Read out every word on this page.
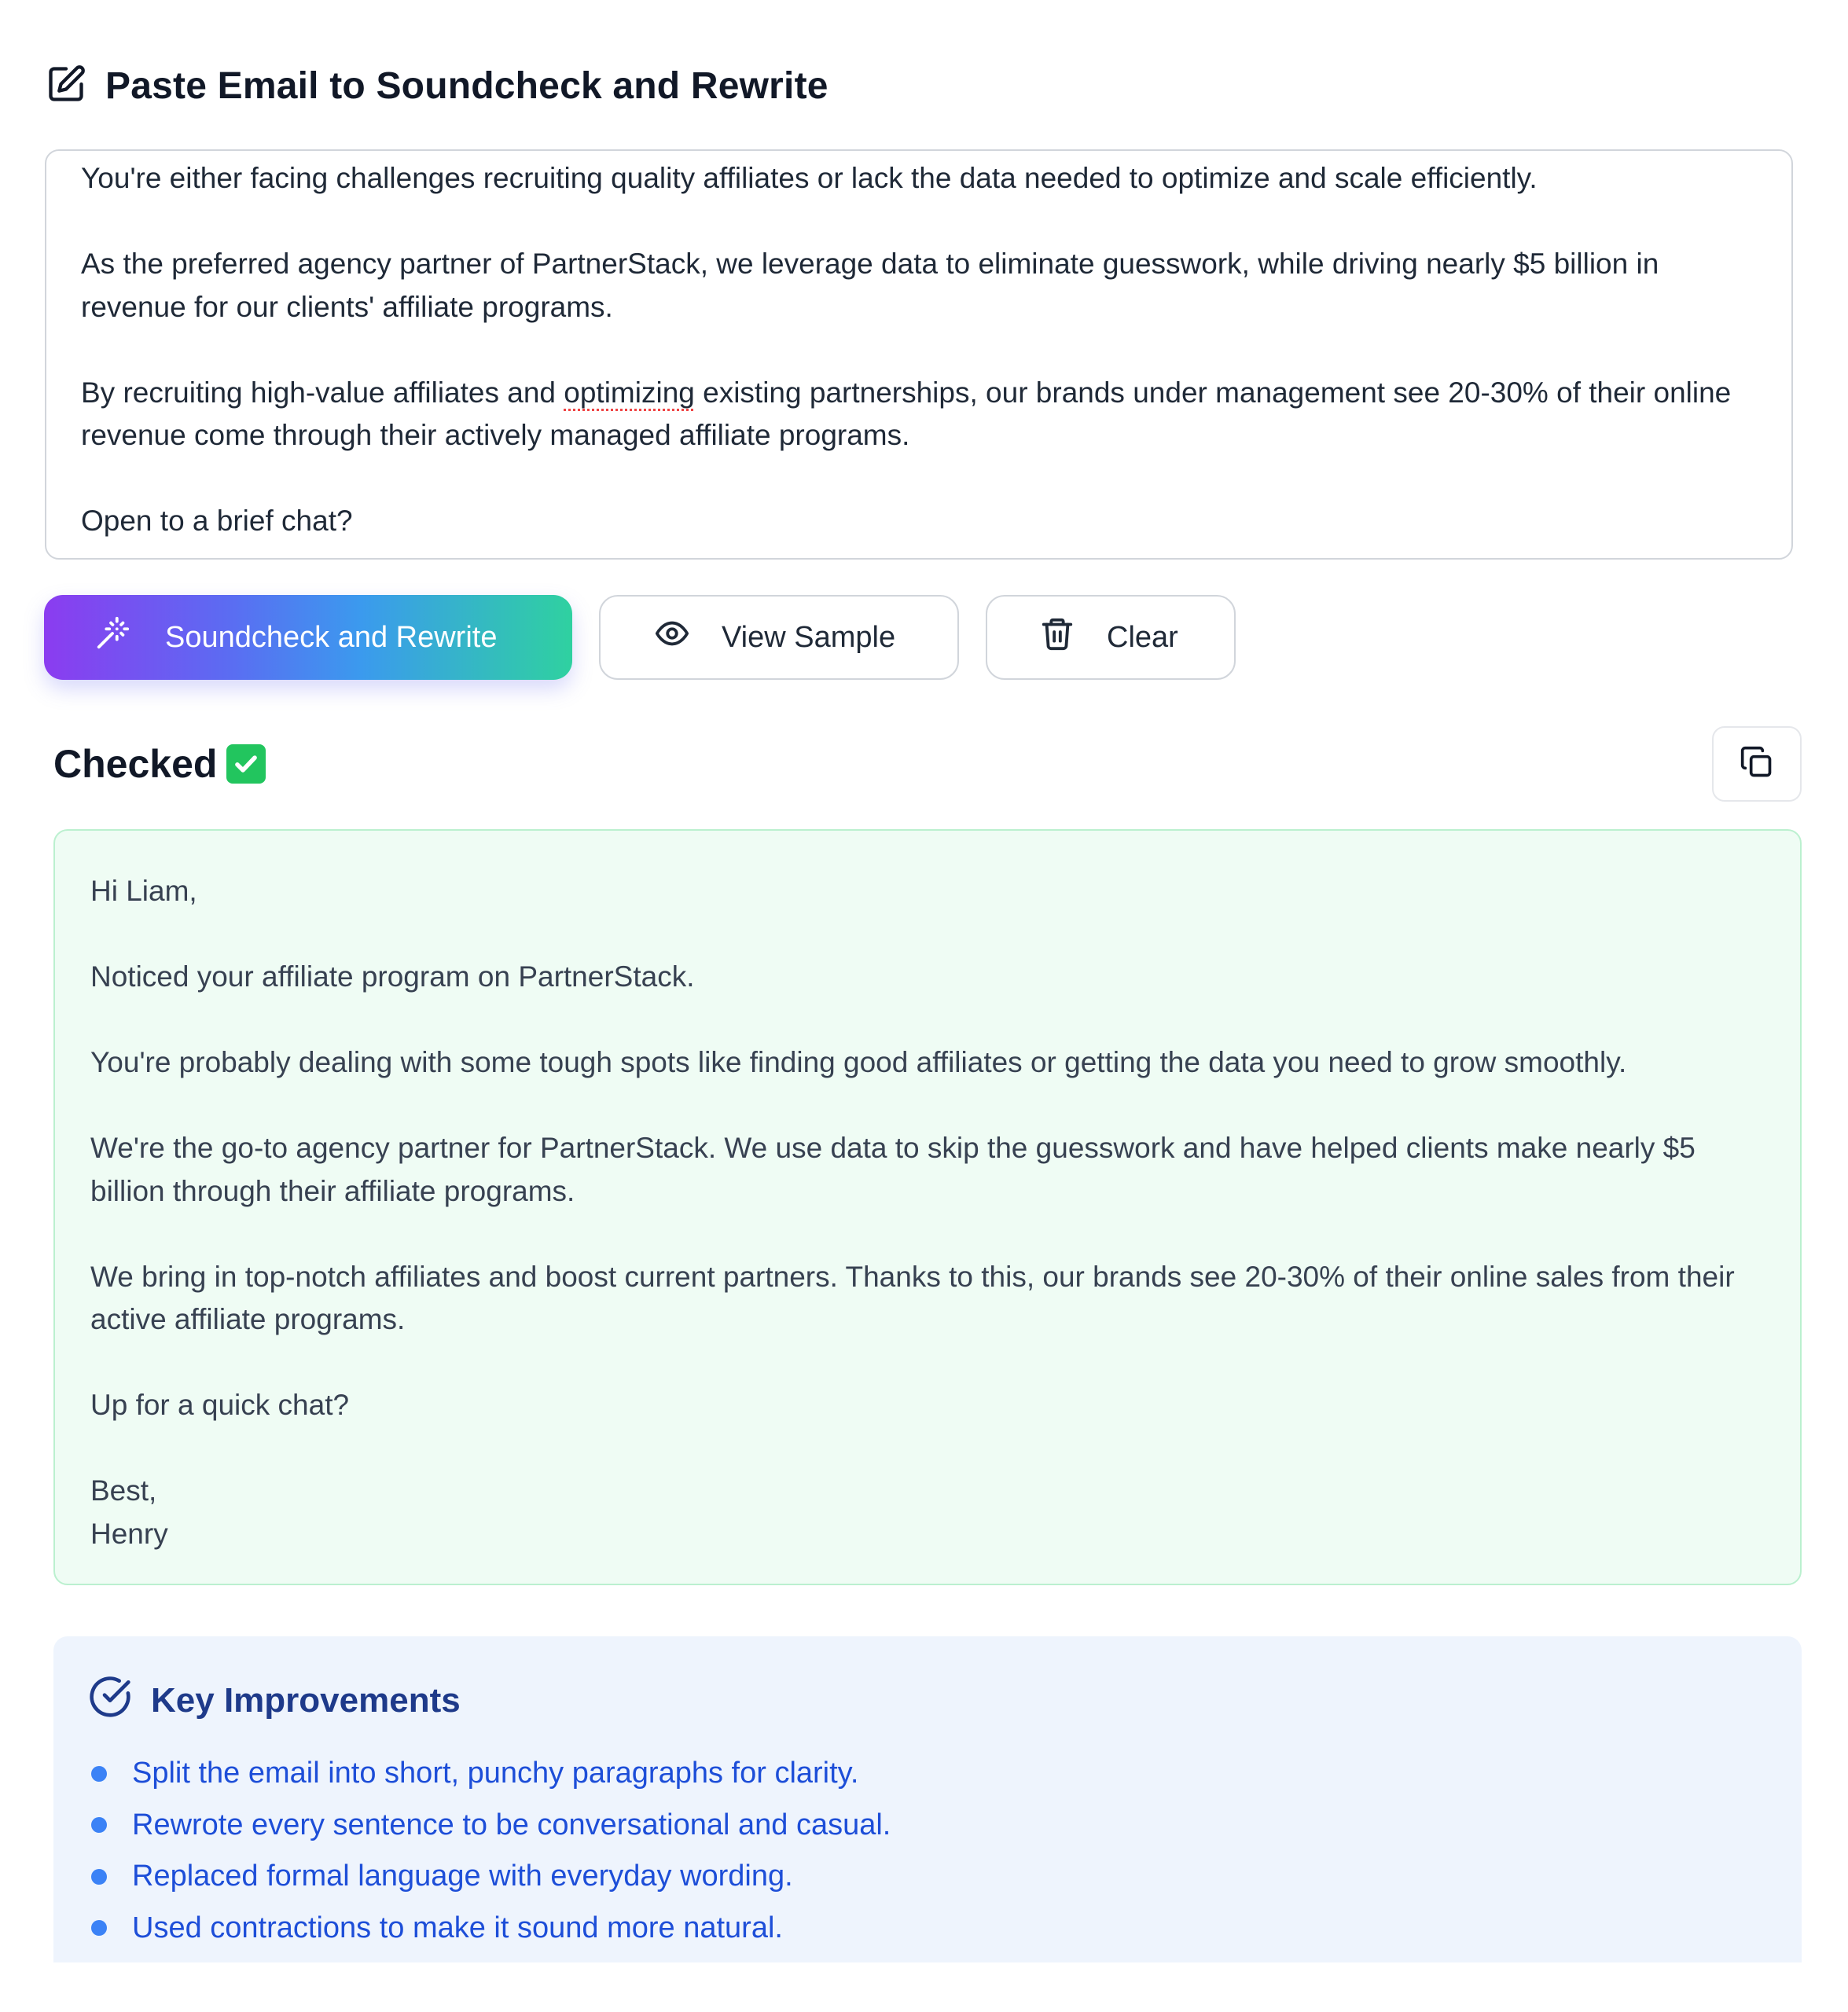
Paste Email to Soundcheck and Rewrite

You're either facing challenges recruiting quality affiliates or lack the data needed to optimize and scale efficiently.

As the preferred agency partner of PartnerStack, we leverage data to eliminate guesswork, while driving nearly $5 billion in revenue for our clients' affiliate programs.

By recruiting high-value affiliates and optimizing existing partnerships, our brands under management see 20-30% of their online revenue come through their actively managed affiliate programs.

Open to a brief chat?

Soundcheck and Rewrite	View Sample	Clear
Checked

Hi Liam,

Noticed your affiliate program on PartnerStack.

You're probably dealing with some tough spots like finding good affiliates or getting the data you need to grow smoothly.

We're the go-to agency partner for PartnerStack. We use data to skip the guesswork and have helped clients make nearly $5 billion through their affiliate programs.

We bring in top-notch affiliates and boost current partners. Thanks to this, our brands see 20-30% of their online sales from their active affiliate programs.

Up for a quick chat?

Best,
Henry

Key Improvements
Split the email into short, punchy paragraphs for clarity.
Rewrote every sentence to be conversational and casual.
Replaced formal language with everyday wording.
Used contractions to make it sound more natural.
